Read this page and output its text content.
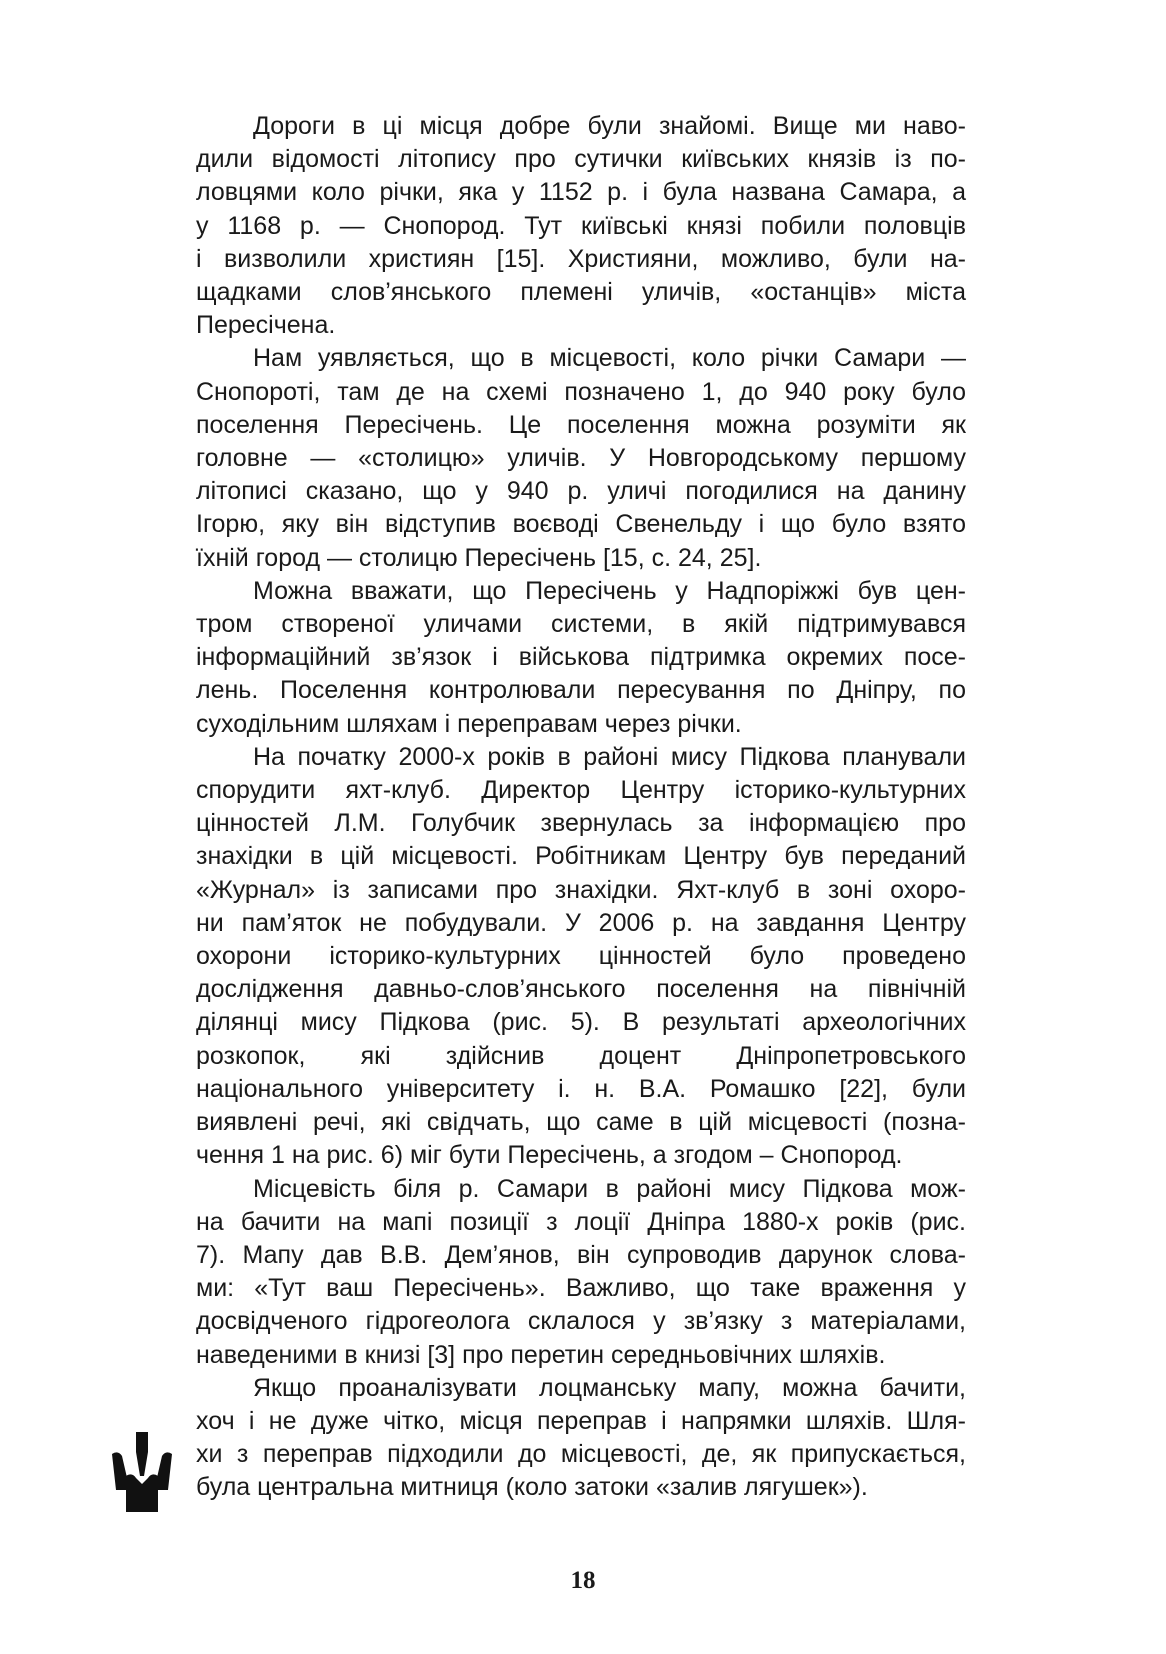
Дороги в ці місця добре були знайомі. Вище ми наво-
дили відомості літопису про сутички київських князів із по-
ловцями коло річки, яка у 1152 р. і була названа Самара, а
у 1168 р. — Снопород. Тут київські князі побили половців
і визволили християн [15]. Християни, можливо, були на-
щадками слов’янського племені уличів, «останців» міста
Пересічена.
Нам уявляється, що в місцевості, коло річки Самари —
Снопороті, там де на схемі позначено 1, до 940 року було
поселення Пересічень. Це поселення можна розуміти як
головне — «столицю» уличів. У Новгородському першому
літописі сказано, що у 940 р. уличі погодилися на данину
Ігорю, яку він відступив воєводі Свенельду і що було взято
їхній город — столицю Пересічень [15, с. 24, 25].
Можна вважати, що Пересічень у Надпоріжжі був цен-
тром створеної уличами системи, в якій підтримувався
інформаційний зв’язок і військова підтримка окремих посе-
лень. Поселення контролювали пересування по Дніпру, по
суходільним шляхам і переправам через річки.
На початку 2000-х років в районі мису Підкова планували
спорудити яхт-клуб. Директор Центру історико-культурних
цінностей Л.М. Голубчик звернулась за інформацією про
знахідки в цій місцевості. Робітникам Центру був переданий
«Журнал» із записами про знахідки. Яхт-клуб в зоні охоро-
ни пам’яток не побудували. У 2006 р. на завдання Центру
охорони історико-культурних цінностей було проведено
дослідження давньо-слов’янського поселення на північній
ділянці мису Підкова (рис. 5). В результаті археологічних
розкопок, які здійснив доцент Дніпропетровського
національного університету і. н. В.А. Ромашко [22], були
виявлені речі, які свідчать, що саме в цій місцевості (позна-
чення 1 на рис. 6) міг бути Пересічень, а згодом – Снопород.
Місцевість біля р. Самари в районі мису Підкова мож-
на бачити на мапі позиції з лоції Дніпра 1880-х років (рис.
7). Мапу дав В.В. Дем’янов, він супроводив дарунок слова-
ми: «Тут ваш Пересічень». Важливо, що таке враження у
досвідченого гідрогеолога склалося у зв’язку з матеріалами,
наведеними в книзі [3] про перетин середньовічних шляхів.
Якщо проаналізувати лоцманську мапу, можна бачити,
хоч і не дуже чітко, місця переправ і напрямки шляхів. Шля-
хи з переправ підходили до місцевості, де, як припускається,
була центральна митниця (коло затоки «залив лягушек»).
18
